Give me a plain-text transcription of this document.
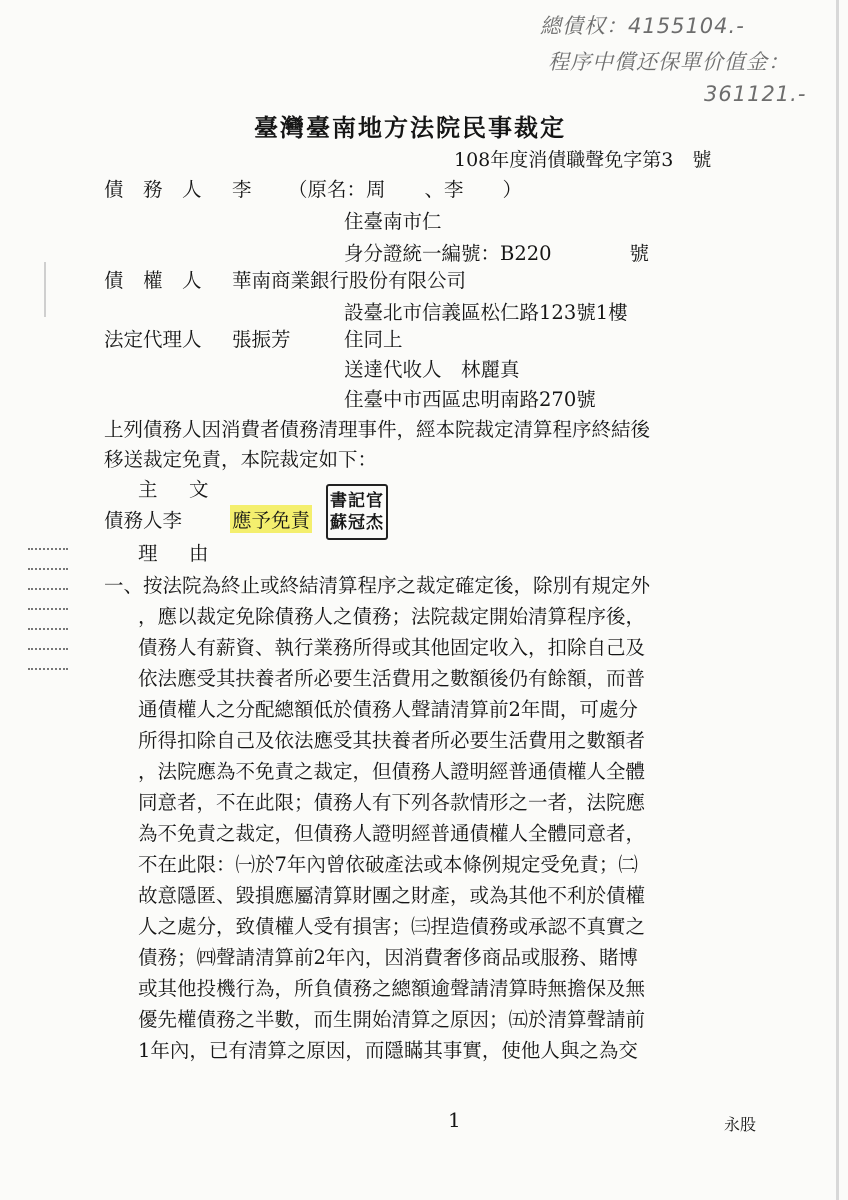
總債权：4155104.-
程序中償还保單价值金：
361121.-
臺灣臺南地方法院民事裁定
108年度消債職聲免字第3　號
債　務　人 李 （原名：周　　、李　　）
住臺南市仁
身分證統一編號：B220　　　　號
債　權　人 華南商業銀行股份有限公司
設臺北市信義區松仁路123號1樓
法定代理人 張振芳	住同上
送達代收人　林麗真
住臺中市西區忠明南路270號
上列債務人因消費者債務清理事件，經本院裁定清算程序終結後
移送裁定免責，本院裁定如下：
主　文
債務人李	應予免責
書記官
蘇冠杰
理　由
一、按法院為終止或終結清算程序之裁定確定後，除別有規定外
，應以裁定免除債務人之債務；法院裁定開始清算程序後，
債務人有薪資、執行業務所得或其他固定收入，扣除自己及
依法應受其扶養者所必要生活費用之數額後仍有餘額，而普
通債權人之分配總額低於債務人聲請清算前2年間，可處分
所得扣除自己及依法應受其扶養者所必要生活費用之數額者
，法院應為不免責之裁定，但債務人證明經普通債權人全體
同意者，不在此限；債務人有下列各款情形之一者，法院應
為不免責之裁定，但債務人證明經普通債權人全體同意者，
不在此限：㈠於7年內曾依破產法或本條例規定受免責；㈡
故意隱匿、毀損應屬清算財團之財產，或為其他不利於債權
人之處分，致債權人受有損害；㈢捏造債務或承認不真實之
債務；㈣聲請清算前2年內，因消費奢侈商品或服務、賭博
或其他投機行為，所負債務之總額逾聲請清算時無擔保及無
優先權債務之半數，而生開始清算之原因；㈤於清算聲請前
1年內，已有清算之原因，而隱瞞其事實，使他人與之為交
1	永股
